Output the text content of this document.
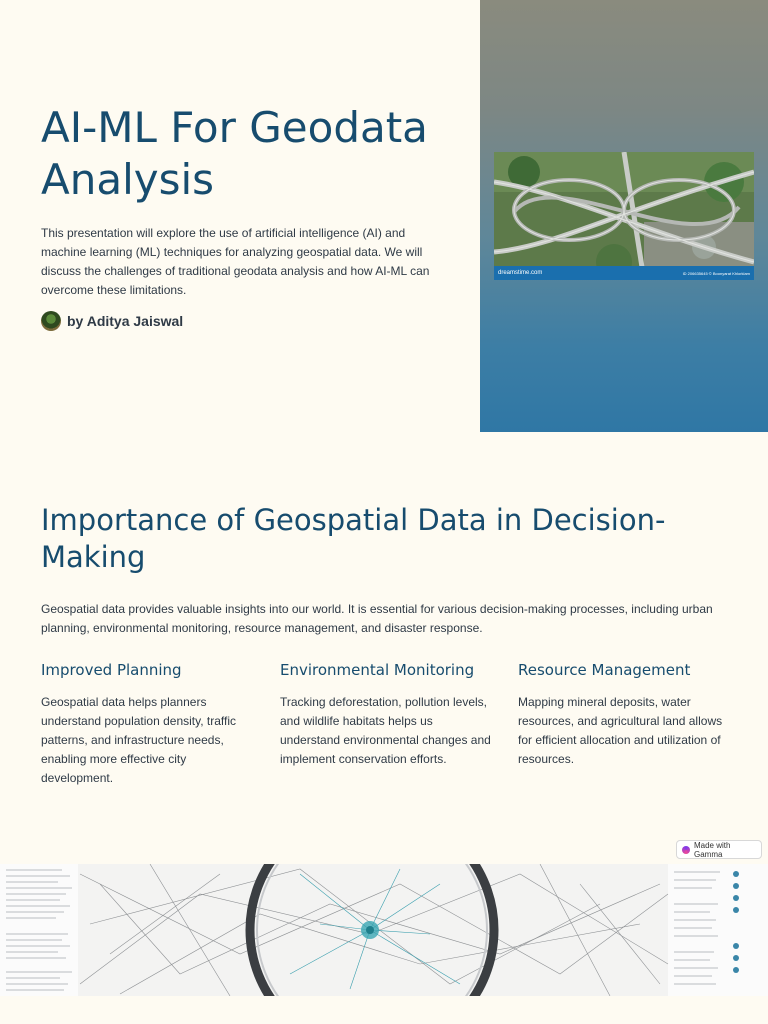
AI-ML For Geodata Analysis

This presentation will explore the use of artificial intelligence (AI) and machine learning (ML) techniques for analyzing geospatial data. We will discuss the challenges of traditional geodata analysis and how AI-ML can overcome these limitations.

by Aditya Jaiswal
dreamstime.com	ID 206635645 © Boonyarat Khlorklam
Importance of Geospatial Data in Decision-Making

Geospatial data provides valuable insights into our world. It is essential for various decision-making processes, including urban planning, environmental monitoring, resource management, and disaster response.

Improved Planning

Geospatial data helps planners understand population density, traffic patterns, and infrastructure needs, enabling more effective city development.

Environmental Monitoring

Tracking deforestation, pollution levels, and wildlife habitats helps us understand environmental changes and implement conservation efforts.

Resource Management

Mapping mineral deposits, water resources, and agricultural land allows for efficient allocation and utilization of resources.

Made with Gamma
